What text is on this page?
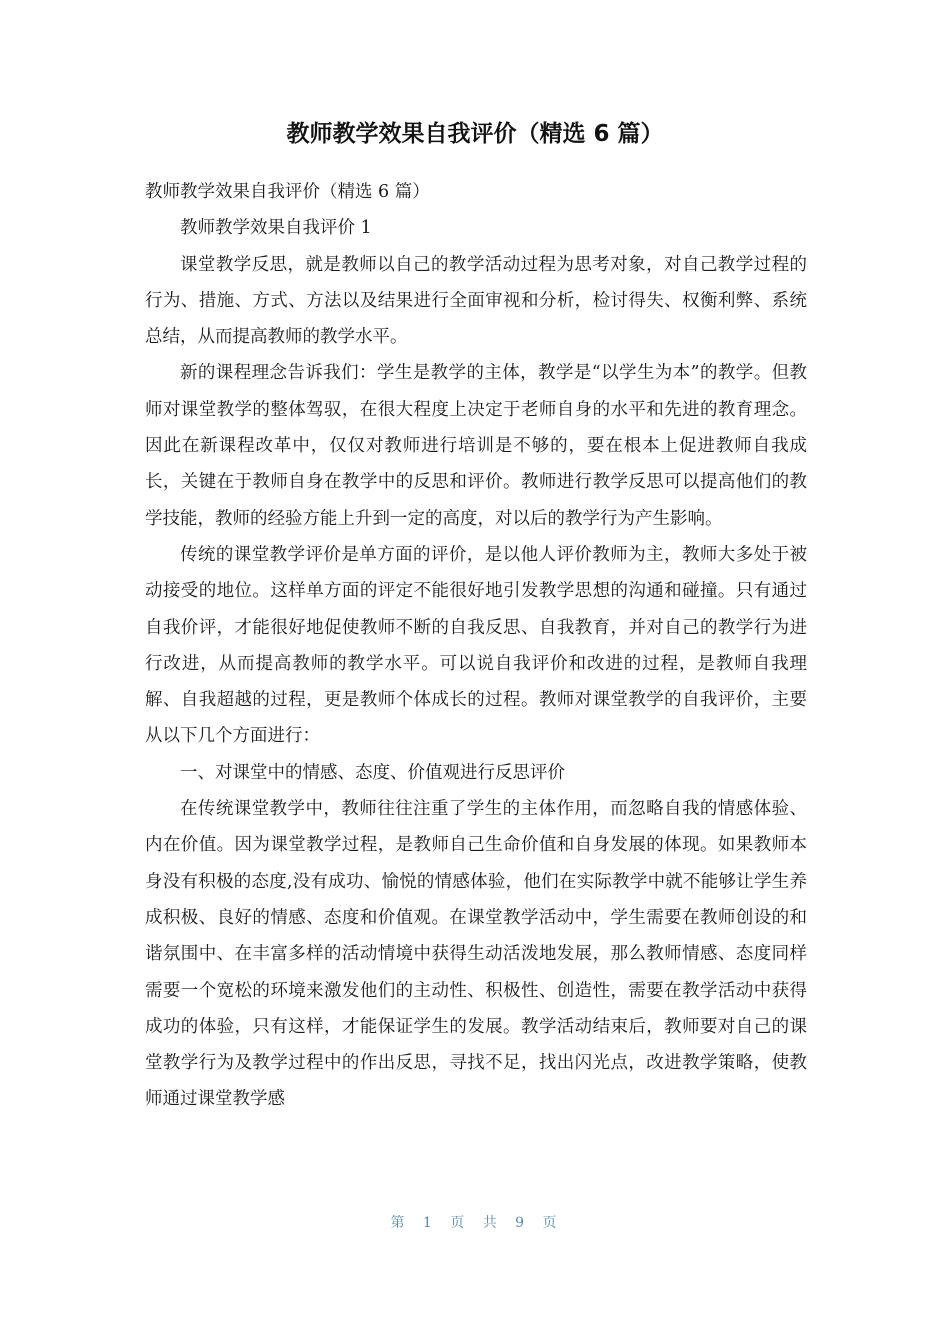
教师教学效果自我评价（精选 6 篇）

教师教学效果自我评价（精选 6 篇）

教师教学效果自我评价 1

课堂教学反思，就是教师以自己的教学活动过程为思考对象，对自己教学过程的行为、措施、方式、方法以及结果进行全面审视和分析，检讨得失、权衡利弊、系统总结，从而提高教师的教学水平。

新的课程理念告诉我们：学生是教学的主体，教学是“以学生为本”的教学。但教师对课堂教学的整体驾驭，在很大程度上决定于老师自身的水平和先进的教育理念。因此在新课程改革中，仅仅对教师进行培训是不够的，要在根本上促进教师自我成长，关键在于教师自身在教学中的反思和评价。教师进行教学反思可以提高他们的教学技能，教师的经验方能上升到一定的高度，对以后的教学行为产生影响。

传统的课堂教学评价是单方面的评价，是以他人评价教师为主，教师大多处于被动接受的地位。这样单方面的评定不能很好地引发教学思想的沟通和碰撞。只有通过自我价评，才能很好地促使教师不断的自我反思、自我教育，并对自己的教学行为进行改进，从而提高教师的教学水平。可以说自我评价和改进的过程，是教师自我理解、自我超越的过程，更是教师个体成长的过程。教师对课堂教学的自我评价，主要从以下几个方面进行：

一、对课堂中的情感、态度、价值观进行反思评价

在传统课堂教学中，教师往往注重了学生的主体作用，而忽略自我的情感体验、内在价值。因为课堂教学过程，是教师自己生命价值和自身发展的体现。如果教师本身没有积极的态度,没有成功、愉悦的情感体验，他们在实际教学中就不能够让学生养成积极、良好的情感、态度和价值观。在课堂教学活动中，学生需要在教师创设的和谐氛围中、在丰富多样的活动情境中获得生动活泼地发展，那么教师情感、态度同样需要一个宽松的环境来激发他们的主动性、积极性、创造性，需要在教学活动中获得成功的体验，只有这样，才能保证学生的发展。教学活动结束后，教师要对自己的课堂教学行为及教学过程中的作出反思，寻找不足，找出闪光点，改进教学策略，使教师通过课堂教学感

第 1 页 共 9 页
